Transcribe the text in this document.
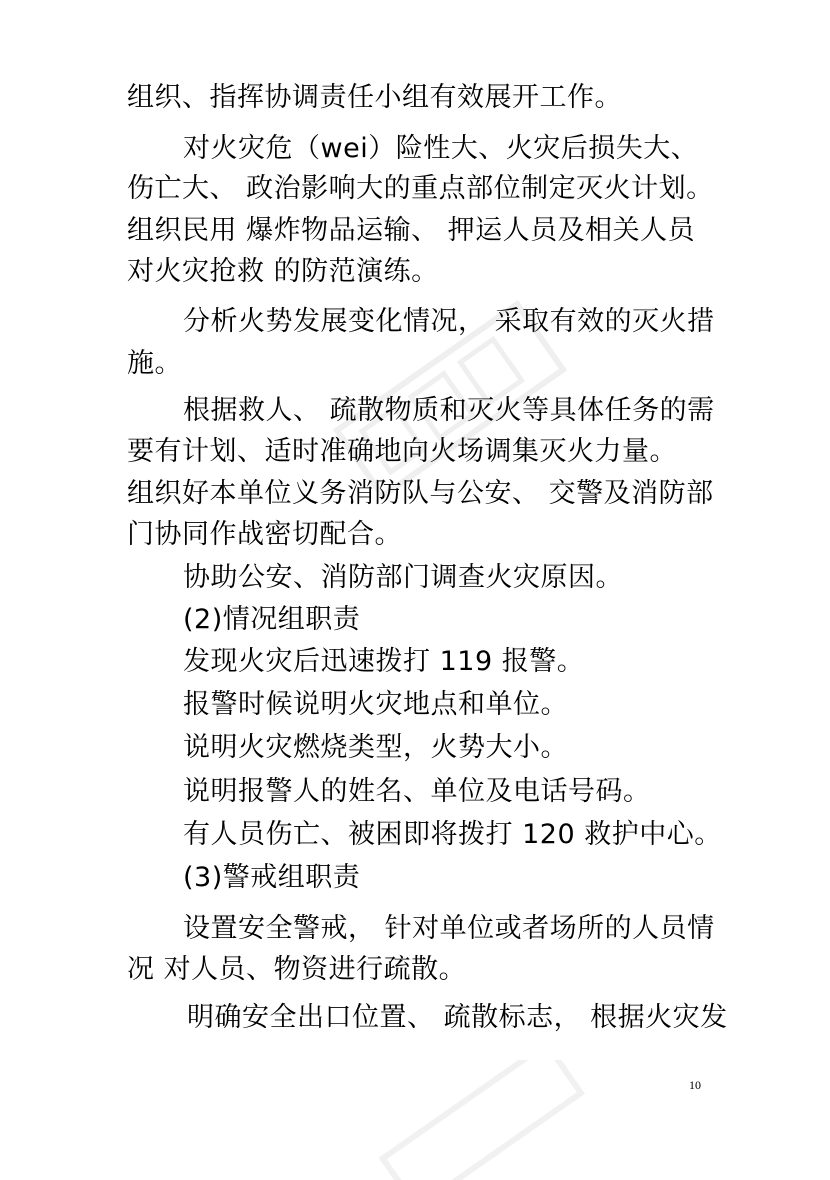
组织、指挥协调责任小组有效展开工作。
对火灾危（wei）险性大、火灾后损失大、
伤亡大、 政治影响大的重点部位制定灭火计划。
组织民用 爆炸物品运输、 押运人员及相关人员
对火灾抢救 的防范演练。
分析火势发展变化情况， 采取有效的灭火措
施。
根据救人、 疏散物质和灭火等具体任务的需
要有计划、适时准确地向火场调集灭火力量。
组织好本单位义务消防队与公安、 交警及消防部
门协同作战密切配合。
协助公安、消防部门调查火灾原因。
(2)情况组职责
发现火灾后迅速拨打 119 报警。
报警时候说明火灾地点和单位。
说明火灾燃烧类型，火势大小。
说明报警人的姓名、单位及电话号码。
有人员伤亡、被困即将拨打 120 救护中心。
(3)警戒组职责
设置安全警戒， 针对单位或者场所的人员情
况 对人员、物资进行疏散。
明确安全出口位置、 疏散标志， 根据火灾发
10
